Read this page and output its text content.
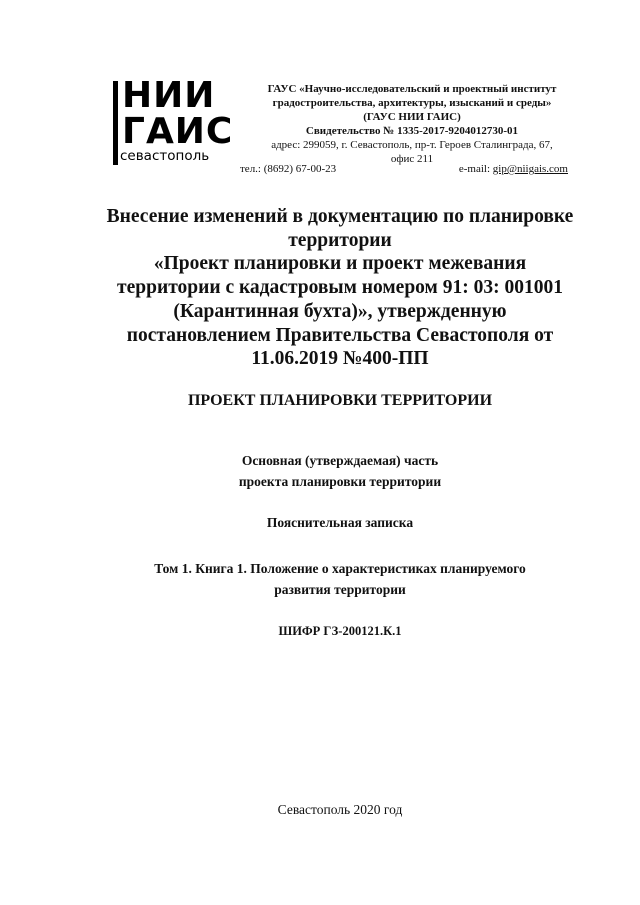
НИИ
ГАИС
севастополь
ГАУС «Научно-исследовательский и проектный институт
градостроительства, архитектуры, изысканий и среды»
(ГАУС НИИ ГАИС)
Свидетельство № 1335-2017-9204012730-01
адрес: 299059, г. Севастополь, пр-т. Героев Сталинграда, 67,
офис 211
тел.: (8692) 67-00-23	e-mail: gip@niigais.com
Внесение изменений в документацию по планировке
территории
«Проект планировки и проект межевания
территории с кадастровым номером 91: 03: 001001
(Карантинная бухта)», утвержденную
постановлением Правительства Севастополя от
11.06.2019 №400-ПП
ПРОЕКТ ПЛАНИРОВКИ ТЕРРИТОРИИ
Основная (утверждаемая) часть
проекта планировки территории
Пояснительная записка
Том 1. Книга 1. Положение о характеристиках планируемого
развития территории
ШИФР ГЗ-200121.К.1
Севастополь 2020 год
